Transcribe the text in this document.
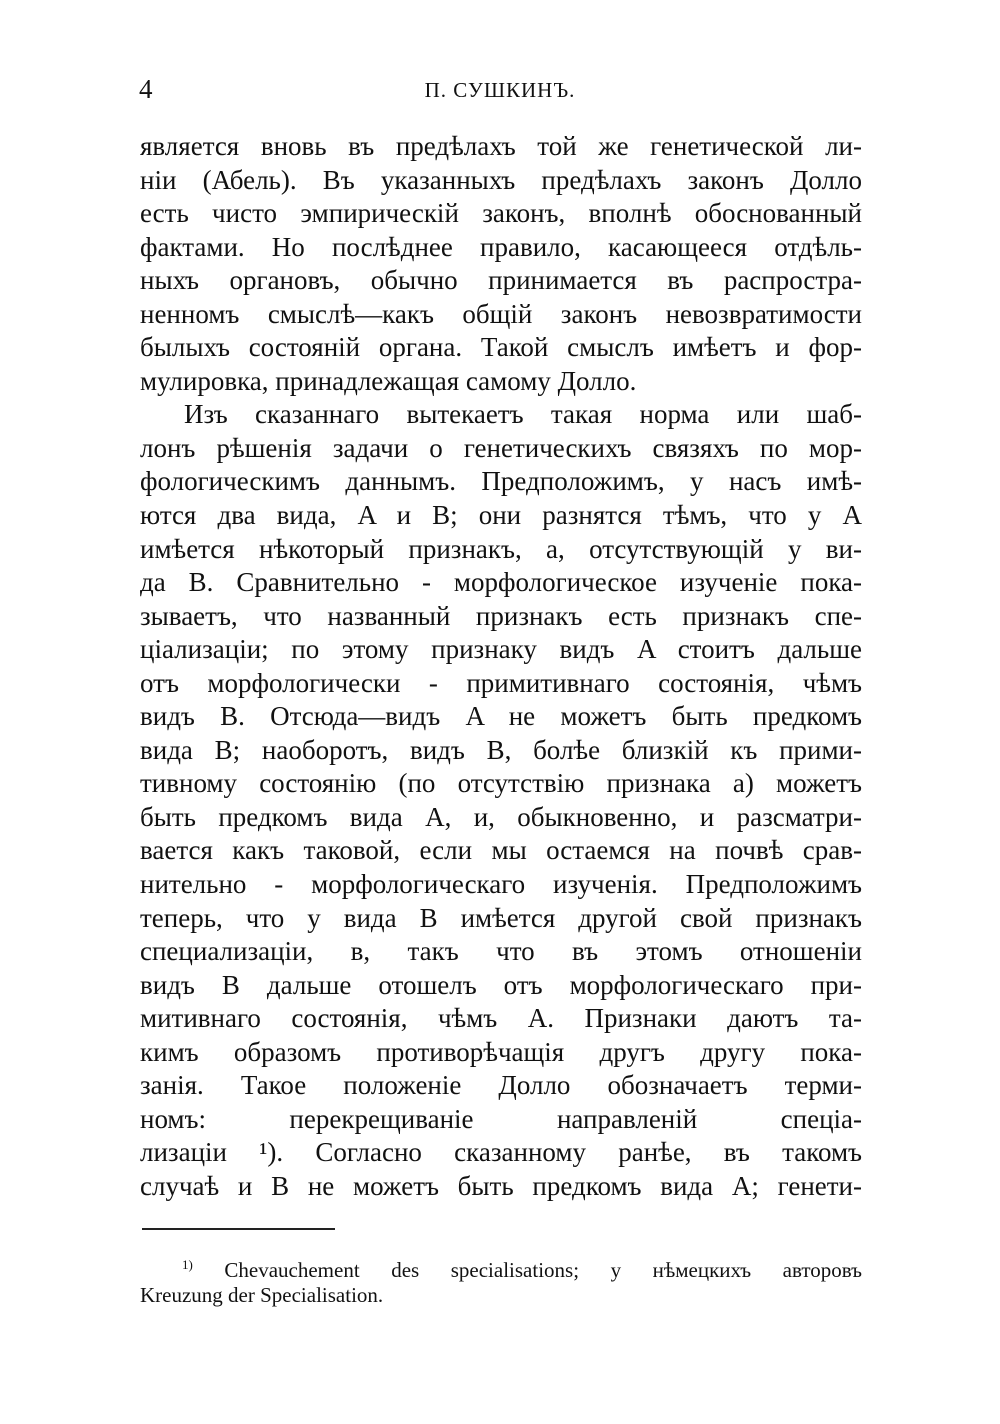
4	П. СУШКИНЪ.
является вновь въ предѣлахъ той же генетической ли-
нiи (Абель). Въ указанныхъ предѣлахъ законъ Долло
есть чисто эмпирическiй законъ, вполнѣ обоснованный
фактами. Но послѣднее правило, касающееся отдѣль-
ныхъ органовъ, обычно принимается въ распростра-
ненномъ смыслѣ—какъ общiй законъ невозвратимости
былыхъ состоянiй органа. Такой смыслъ имѣетъ и фор-
мулировка, принадлежащая самому Долло.
Изъ сказаннаго вытекаетъ такая норма или шаб-
лонъ рѣшенiя задачи о генетическихъ связяхъ по мор-
фологическимъ даннымъ. Предположимъ, у насъ имѣ-
ются два вида, A и B; они разнятся тѣмъ, что у A
имѣется нѣкоторый признакъ, a, отсутствующiй у ви-
да B. Сравнительно - морфологическое изученiе пока-
зываетъ, что названный признакъ есть признакъ спе-
цiализацiи; по этому признаку видъ A стоитъ дальше
отъ морфологически - примитивнаго состоянiя, чѣмъ
видъ B. Отсюда—видъ A не можетъ быть предкомъ
вида B; наоборотъ, видъ B, болѣе близкiй къ прими-
тивному состоянiю (по отсутствiю признака a) можетъ
быть предкомъ вида A, и, обыкновенно, и разсматри-
вается какъ таковой, если мы остаемся на почвѣ срав-
нительно - морфологическаго изученiя. Предположимъ
теперь, что у вида B имѣется другой свой признакъ
специализацiи, в, такъ что въ этомъ отношенiи
видъ B дальше отошелъ отъ морфологическаго при-
митивнаго состоянiя, чѣмъ A. Признаки даютъ та-
кимъ образомъ противорѣчащiя другъ другу пока-
занiя. Такое положенiе Долло обозначаетъ терми-
номъ: перекрещиванiе направленiй спецiа-
лизацiи ¹). Согласно сказанному ранѣе, въ такомъ
случаѣ и B не можетъ быть предкомъ вида A; генети-
$^{1)}$ Chevauchement des specialisations; у нѣмецкихъ авторовъ
Kreuzung der Specialisation.
